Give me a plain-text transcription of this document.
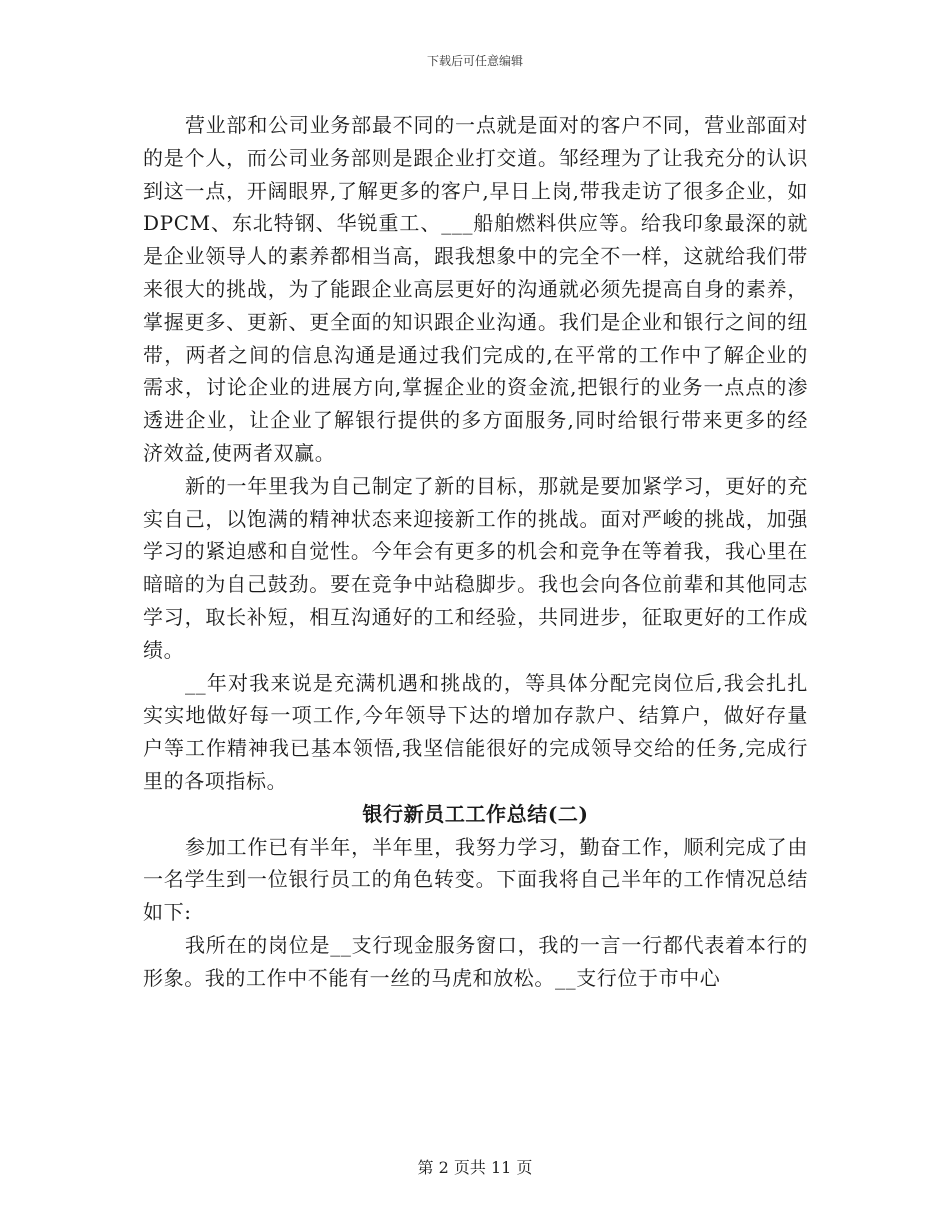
下载后可任意编辑

营业部和公司业务部最不同的一点就是面对的客户不同，营业部面对的是个人，而公司业务部则是跟企业打交道。邹经理为了让我充分的认识到这一点，开阔眼界,了解更多的客户,早日上岗,带我走访了很多企业，如DPCM、东北特钢、华锐重工、___船舶燃料供应等。给我印象最深的就是企业领导人的素养都相当高，跟我想象中的完全不一样，这就给我们带来很大的挑战，为了能跟企业高层更好的沟通就必须先提高自身的素养，掌握更多、更新、更全面的知识跟企业沟通。我们是企业和银行之间的纽带，两者之间的信息沟通是通过我们完成的,在平常的工作中了解企业的需求，讨论企业的进展方向,掌握企业的资金流,把银行的业务一点点的渗透进企业，让企业了解银行提供的多方面服务,同时给银行带来更多的经济效益,使两者双赢。

新的一年里我为自己制定了新的目标，那就是要加紧学习，更好的充实自己，以饱满的精神状态来迎接新工作的挑战。面对严峻的挑战，加强学习的紧迫感和自觉性。今年会有更多的机会和竞争在等着我，我心里在暗暗的为自己鼓劲。要在竞争中站稳脚步。我也会向各位前辈和其他同志学习，取长补短，相互沟通好的工和经验，共同进步，征取更好的工作成绩。

__年对我来说是充满机遇和挑战的，等具体分配完岗位后,我会扎扎实实地做好每一项工作,今年领导下达的增加存款户、结算户，做好存量户等工作精神我已基本领悟,我坚信能很好的完成领导交给的任务,完成行里的各项指标。

银行新员工工作总结(二)

参加工作已有半年，半年里，我努力学习，勤奋工作，顺利完成了由一名学生到一位银行员工的角色转变。下面我将自己半年的工作情况总结如下:

我所在的岗位是__支行现金服务窗口，我的一言一行都代表着本行的形象。我的工作中不能有一丝的马虎和放松。__支行位于市中心

第 2 页共 11 页
